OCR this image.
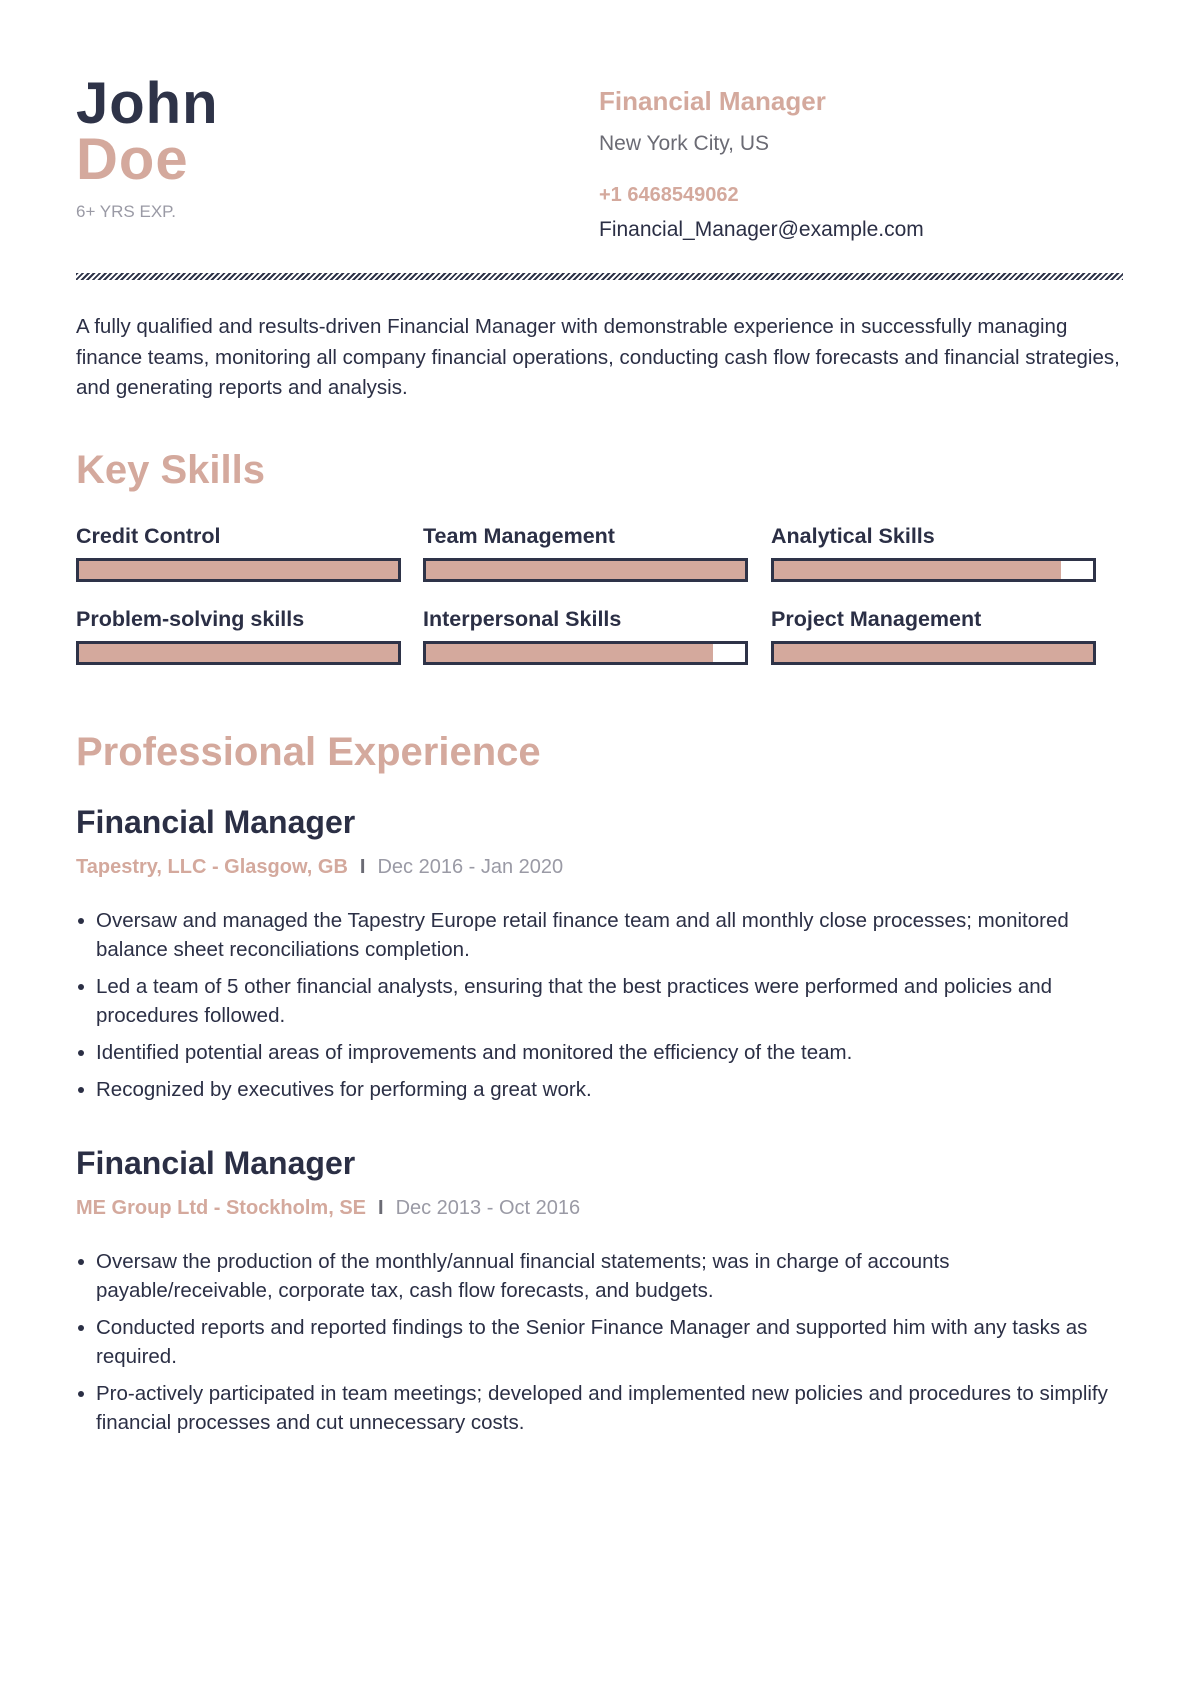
John
Doe
6+ YRS EXP.
Financial Manager
New York City, US
+1 6468549062
Financial_Manager@example.com
A fully qualified and results-driven Financial Manager with demonstrable experience in successfully managing finance teams, monitoring all company financial operations, conducting cash flow forecasts and financial strategies, and generating reports and analysis.
Key Skills
Credit Control	Team Management	Analytical Skills
Problem-solving skills	Interpersonal Skills	Project Management
Professional Experience
Financial Manager
Tapestry, LLC - Glasgow, GB I Dec 2016 - Jan 2020
Oversaw and managed the Tapestry Europe retail finance team and all monthly close processes; monitored balance sheet reconciliations completion.
Led a team of 5 other financial analysts, ensuring that the best practices were performed and policies and procedures followed.
Identified potential areas of improvements and monitored the efficiency of the team.
Recognized by executives for performing a great work.
Financial Manager
ME Group Ltd - Stockholm, SE I Dec 2013 - Oct 2016
Oversaw the production of the monthly/annual financial statements; was in charge of accounts payable/receivable, corporate tax, cash flow forecasts, and budgets.
Conducted reports and reported findings to the Senior Finance Manager and supported him with any tasks as required.
Pro-actively participated in team meetings; developed and implemented new policies and procedures to simplify financial processes and cut unnecessary costs.
